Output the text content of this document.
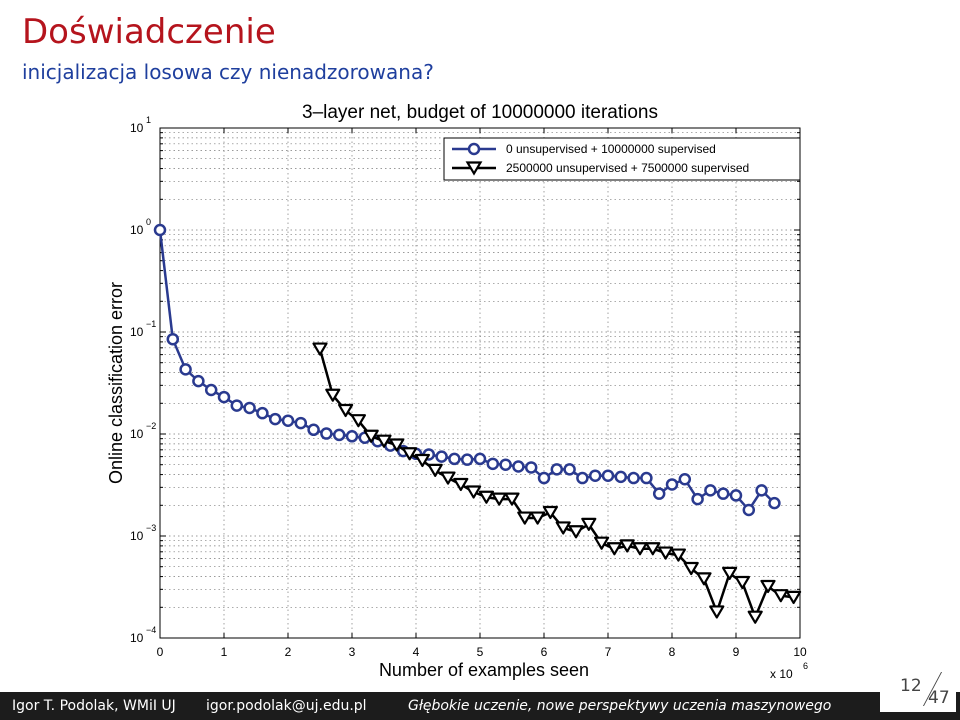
Doświadczenie
inicjalizacja losowa czy nienadzorowana?
0	1	2	3	4	5	6	7	8	9	10
10
1
10
0
10
−1
10
−2
10
−3
10
−4
3–layer net, budget of 10000000 iterations
Number of examples seen
Online classification error
x 10
6
0 unsupervised + 10000000 supervised
2500000 unsupervised + 7500000 supervised
Igor T. Podolak, WMiI UJ igor.podolak@uj.edu.pl	Głębokie uczenie, nowe perspektywy uczenia maszynowego
12
47
